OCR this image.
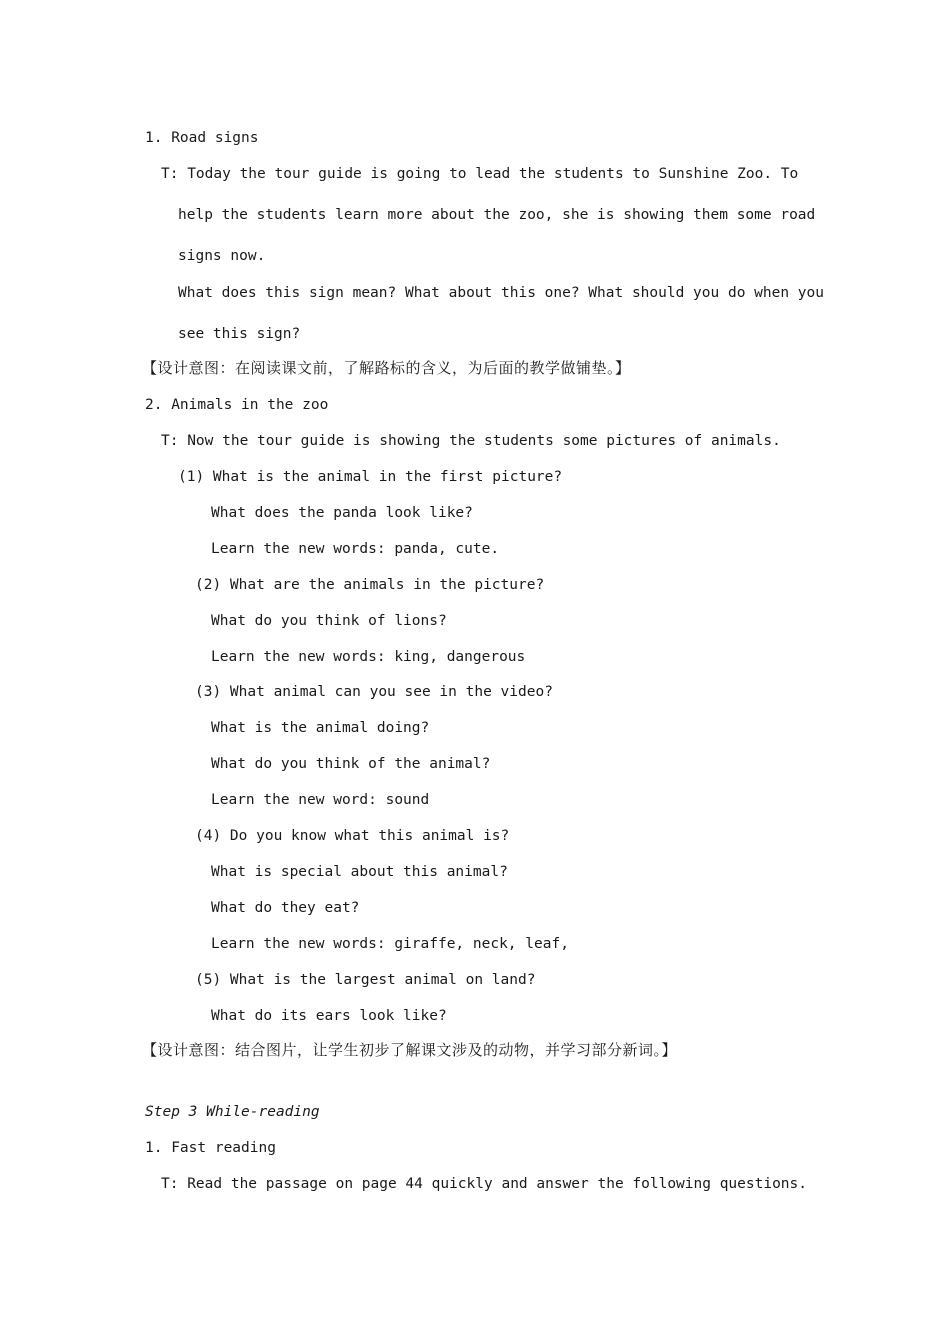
1. Road signs
T: Today the tour guide is going to lead the students to Sunshine Zoo. To
help the students learn more about the zoo, she is showing them some road
signs now.
What does this sign mean? What about this one? What should you do when you
see this sign?
【设计意图：在阅读课文前，了解路标的含义，为后面的教学做铺垫。】
2. Animals in the zoo
T: Now the tour guide is showing the students some pictures of animals.
(1) What is the animal in the first picture?
What does the panda look like?
Learn the new words: panda, cute.
(2) What are the animals in the picture?
What do you think of lions?
Learn the new words: king, dangerous
(3) What animal can you see in the video?
What is the animal doing?
What do you think of the animal?
Learn the new word: sound
(4) Do you know what this animal is?
What is special about this animal?
What do they eat?
Learn the new words: giraffe, neck, leaf,
(5) What is the largest animal on land?
What do its ears look like?
【设计意图：结合图片，让学生初步了解课文涉及的动物，并学习部分新词。】
Step 3 While-reading
1. Fast reading
T: Read the passage on page 44 quickly and answer the following questions.
